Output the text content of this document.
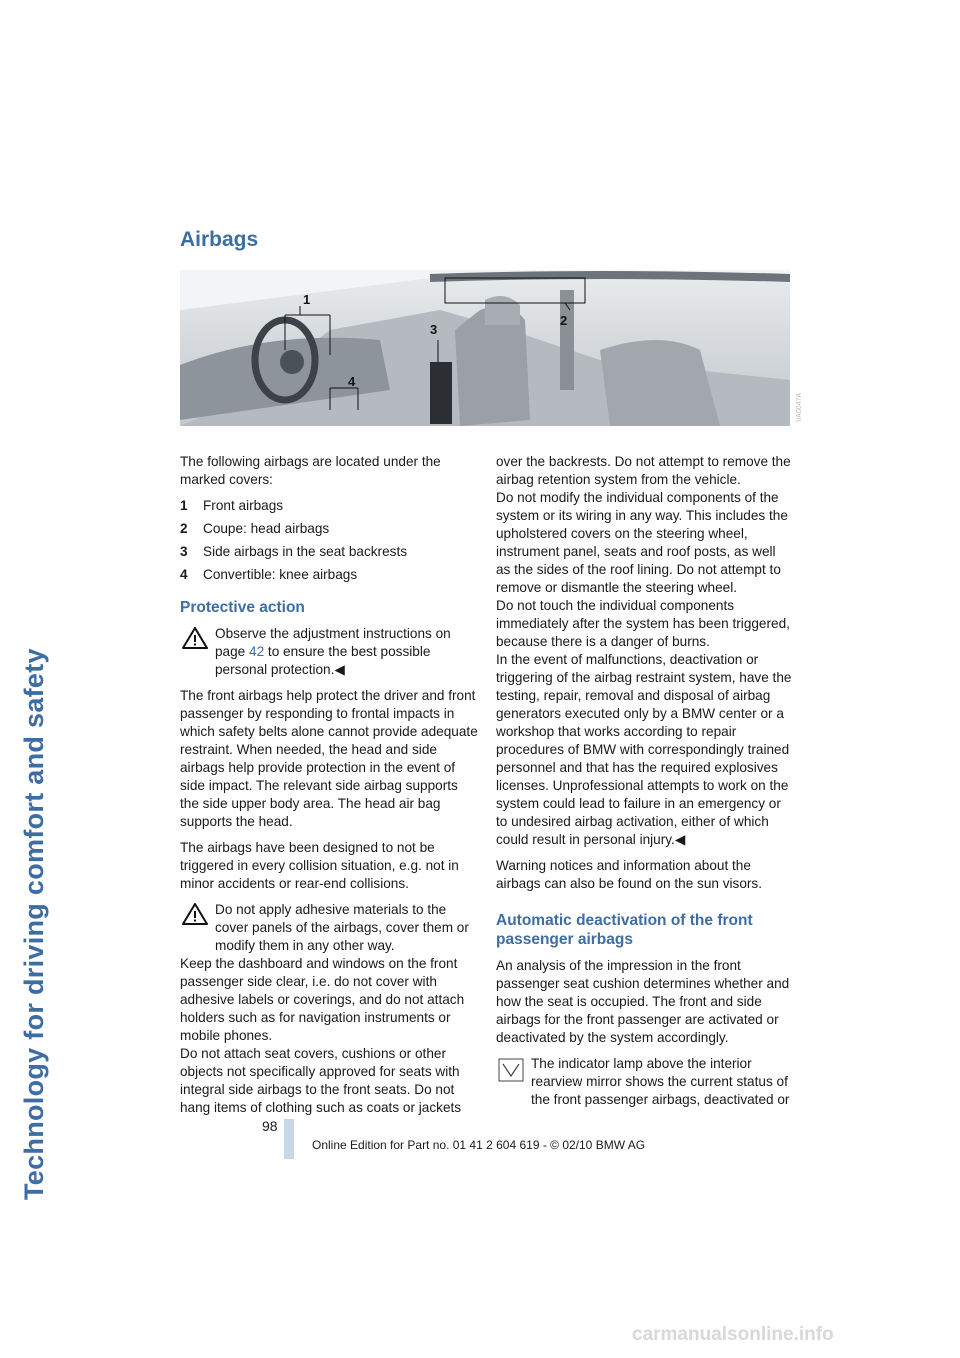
Technology for driving comfort and safety
Airbags
1
2
3
4
VA0047A

The following airbags are located under the marked covers:

1	Front airbags
2	Coupe: head airbags
3	Side airbags in the seat backrests
4	Convertible: knee airbags
Protective action

Observe the adjustment instructions on page 42 to ensure the best possible personal protection.◀

The front airbags help protect the driver and front passenger by responding to frontal impacts in which safety belts alone cannot provide adequate restraint. When needed, the head and side airbags help provide protection in the event of side impact. The relevant side airbag supports the side upper body area. The head air bag supports the head.

The airbags have been designed to not be triggered in every collision situation, e.g. not in minor accidents or rear-end collisions.

Do not apply adhesive materials to the cover panels of the airbags, cover them or modify them in any other way.

Keep the dashboard and windows on the front passenger side clear, i.e. do not cover with adhesive labels or coverings, and do not attach holders such as for navigation instruments or mobile phones.

Do not attach seat covers, cushions or other objects not specifically approved for seats with integral side airbags to the front seats. Do not hang items of clothing such as coats or jackets

over the backrests. Do not attempt to remove the airbag retention system from the vehicle.

Do not modify the individual components of the system or its wiring in any way. This includes the upholstered covers on the steering wheel, instrument panel, seats and roof posts, as well as the sides of the roof lining. Do not attempt to remove or dismantle the steering wheel.

Do not touch the individual components immediately after the system has been triggered, because there is a danger of burns.

In the event of malfunctions, deactivation or triggering of the airbag restraint system, have the testing, repair, removal and disposal of airbag generators executed only by a BMW center or a workshop that works according to repair procedures of BMW with correspondingly trained personnel and that has the required explosives licenses. Unprofessional attempts to work on the system could lead to failure in an emergency or to undesired airbag activation, either of which could result in personal injury.◀

Warning notices and information about the airbags can also be found on the sun visors.

Automatic deactivation of the front passenger airbags

An analysis of the impression in the front passenger seat cushion determines whether and how the seat is occupied. The front and side airbags for the front passenger are activated or deactivated by the system accordingly.

The indicator lamp above the interior rearview mirror shows the current status of the front passenger airbags, deactivated or

98
Online Edition for Part no. 01 41 2 604 619 - © 02/10 BMW AG
carmanualsonline.info
